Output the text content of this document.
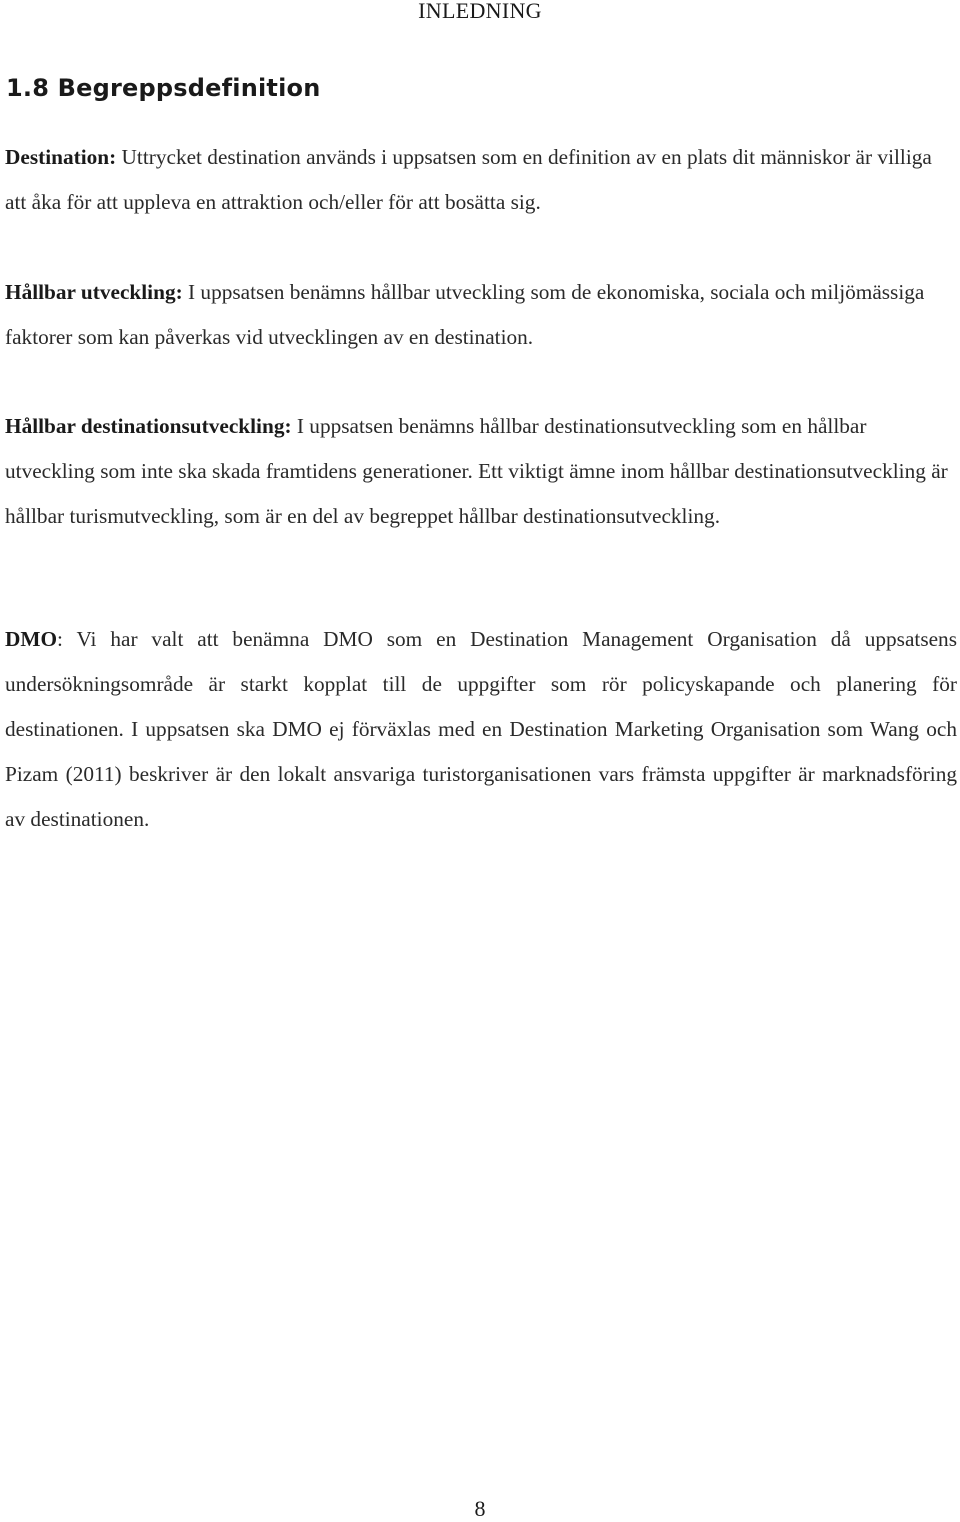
INLEDNING
1.8 Begreppsdefinition

Destination: Uttrycket destination används i uppsatsen som en definition av en plats dit människor är villiga att åka för att uppleva en attraktion och/eller för att bosätta sig.

Hållbar utveckling: I uppsatsen benämns hållbar utveckling som de ekonomiska, sociala och miljömässiga faktorer som kan påverkas vid utvecklingen av en destination.

Hållbar destinationsutveckling: I uppsatsen benämns hållbar destinationsutveckling som en hållbar utveckling som inte ska skada framtidens generationer. Ett viktigt ämne inom hållbar destinationsutveckling är hållbar turismutveckling, som är en del av begreppet hållbar destinationsutveckling.

DMO: Vi har valt att benämna DMO som en Destination Management Organisation då uppsatsens undersökningsområde är starkt kopplat till de uppgifter som rör policyskapande och planering för destinationen. I uppsatsen ska DMO ej förväxlas med en Destination Marketing Organisation som Wang och Pizam (2011) beskriver är den lokalt ansvariga turistorganisationen vars främsta uppgifter är marknadsföring av destinationen.

8
